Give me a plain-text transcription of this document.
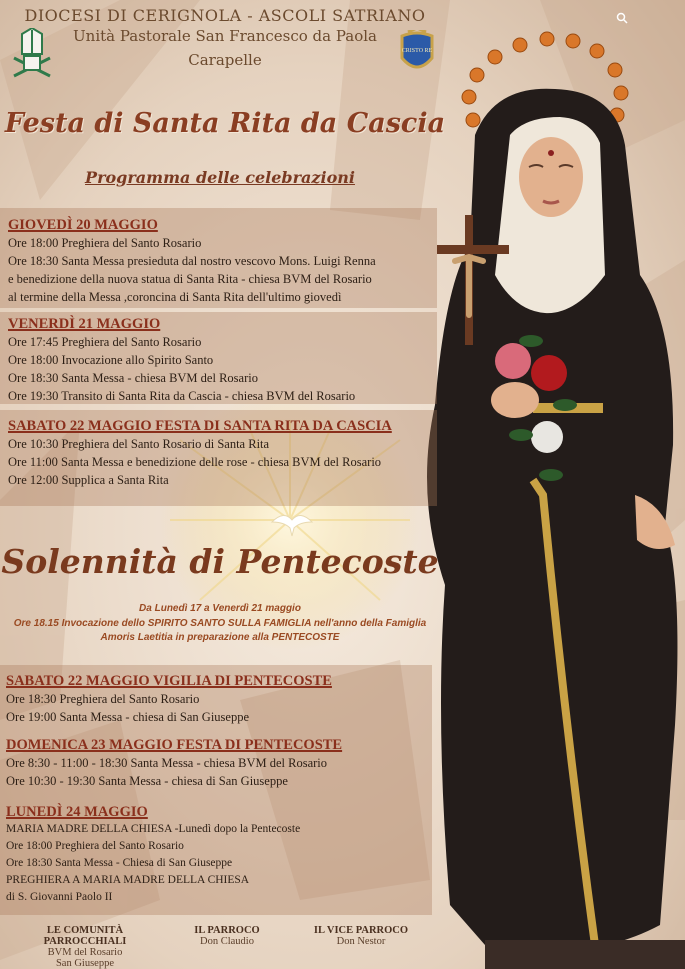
CRISTO RE
DIOCESI DI CERIGNOLA - ASCOLI SATRIANO
Unità Pastorale San Francesco da Paola
Carapelle
Festa di Santa Rita da Cascia
Programma delle celebrazioni
GIOVEDÌ 20 MAGGIO
Ore 18:00 Preghiera del Santo Rosario
Ore 18:30 Santa Messa presieduta dal nostro vescovo Mons. Luigi Renna
e benedizione della nuova statua di Santa Rita - chiesa BVM del Rosario
al termine della Messa ,coroncina di Santa Rita dell'ultimo giovedì
VENERDÌ 21 MAGGIO
Ore 17:45 Preghiera del Santo Rosario
Ore 18:00 Invocazione allo Spirito Santo
Ore 18:30 Santa Messa - chiesa BVM del Rosario
Ore 19:30 Transito di Santa Rita da Cascia - chiesa BVM del Rosario
SABATO 22 MAGGIO FESTA DI SANTA RITA DA CASCIA
Ore 10:30 Preghiera del Santo Rosario di Santa Rita
Ore 11:00 Santa Messa e benedizione delle rose - chiesa BVM del Rosario
Ore 12:00 Supplica a Santa Rita
Solennità di Pentecoste
Da Lunedì 17 a Venerdì 21 maggio
Ore 18.15 Invocazione dello SPIRITO SANTO SULLA FAMIGLIA nell'anno della Famiglia
Amoris Laetitia in preparazione alla PENTECOSTE
SABATO 22 MAGGIO VIGILIA DI PENTECOSTE
Ore 18:30 Preghiera del Santo Rosario
Ore 19:00 Santa Messa - chiesa di San Giuseppe
DOMENICA 23 MAGGIO FESTA DI PENTECOSTE
Ore 8:30 - 11:00 - 18:30 Santa Messa - chiesa BVM del Rosario
Ore 10:30 - 19:30 Santa Messa - chiesa di San Giuseppe
LUNEDÌ 24 MAGGIO
MARIA MADRE DELLA CHIESA -Lunedì dopo la Pentecoste
Ore 18:00 Preghiera del Santo Rosario
Ore 18:30 Santa Messa - Chiesa di San Giuseppe
PREGHIERA A MARIA MADRE DELLA CHIESA
di S. Giovanni Paolo II
LE COMUNITÀ PARROCCHIALI
BVM del Rosario
San Giuseppe
IL PARROCO
Don Claudio
IL VICE PARROCO
Don Nestor
